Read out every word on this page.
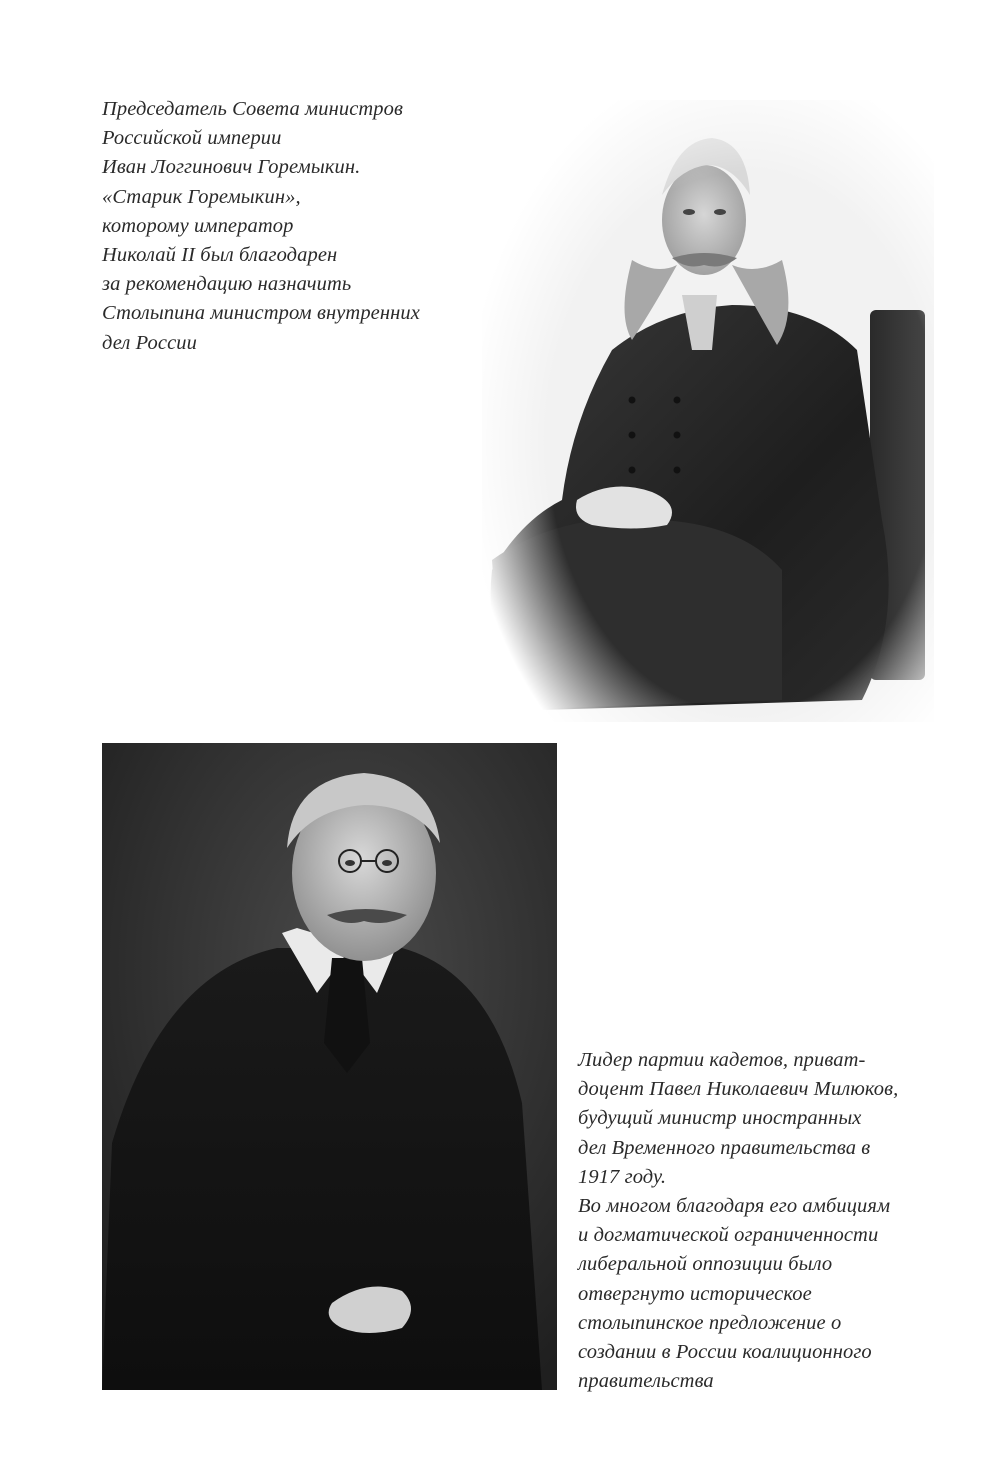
Председатель Совета министров
Российской империи
Иван Логгинович Горемыкин.
«Старик Горемыкин»,
которому император
Николай II был благодарен
за рекомендацию назначить
Столыпина министром внутренних
дел России
Лидер партии кадетов, приват-
доцент Павел Николаевич Милюков,
будущий министр иностранных
дел Временного правительства в
1917 году.
Во многом благодаря его амбициям
и догматической ограниченности
либеральной оппозиции было
отвергнуто историческое
столыпинское предложение о
создании в России коалиционного
правительства
